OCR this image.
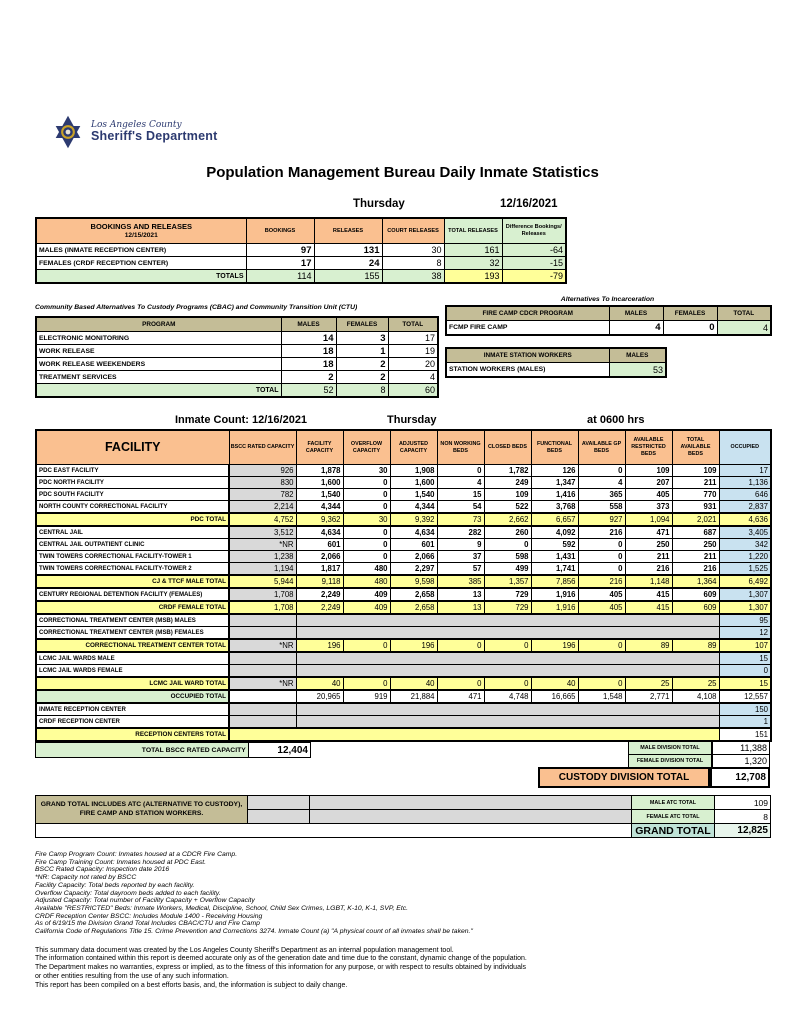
Los Angeles County
Sheriff's Department
Population Management Bureau Daily Inmate Statistics
Thursday	12/16/2021
BOOKINGS AND RELEASES
12/15/2021	BOOKINGS	RELEASES	COURT RELEASES	TOTAL RELEASES	Difference Bookings/ Releases
MALES (INMATE RECEPTION CENTER)	97	131	30	161	-64
FEMALES (CRDF RECEPTION CENTER)	17	24	8	32	-15
TOTALS	114	155	38	193	-79
Community Based Alternatives To Custody Programs (CBAC) and Community Transition Unit (CTU)
PROGRAM	MALES	FEMALES	TOTAL
ELECTRONIC MONITORING	14	3	17
WORK RELEASE	18	1	19
WORK RELEASE WEEKENDERS	18	2	20
TREATMENT SERVICES	2	2	4
TOTAL	52	8	60
Alternatives To Incarceration
FIRE CAMP CDCR PROGRAM	MALES	FEMALES	TOTAL
FCMP FIRE CAMP	4	0	4
INMATE STATION WORKERS	MALES
STATION WORKERS (MALES)	53
Inmate Count: 12/16/2021	Thursday	at 0600 hrs
FACILITY	BSCC RATED CAPACITY	FACILITY CAPACITY	OVERFLOW CAPACITY	ADJUSTED CAPACITY	NON WORKING BEDS	CLOSED BEDS	FUNCTIONAL BEDS	AVAILABLE GP BEDS	AVAILABLE RESTRICTED BEDS	TOTAL AVAILABLE BEDS	OCCUPIED
PDC EAST FACILITY	926	1,878	30	1,908	0	1,782	126	0	109	109	17
PDC NORTH FACILITY	830	1,600	0	1,600	4	249	1,347	4	207	211	1,136
PDC SOUTH FACILITY	782	1,540	0	1,540	15	109	1,416	365	405	770	646
NORTH COUNTY CORRECTIONAL FACILITY	2,214	4,344	0	4,344	54	522	3,768	558	373	931	2,837
PDC TOTAL	4,752	9,362	30	9,392	73	2,662	6,657	927	1,094	2,021	4,636
CENTRAL JAIL	3,512	4,634	0	4,634	282	260	4,092	216	471	687	3,405
CENTRAL JAIL OUTPATIENT CLINIC	*NR	601	0	601	9	0	592	0	250	250	342
TWIN TOWERS CORRECTIONAL FACILITY-TOWER 1	1,238	2,066	0	2,066	37	598	1,431	0	211	211	1,220
TWIN TOWERS CORRECTIONAL FACILITY-TOWER 2	1,194	1,817	480	2,297	57	499	1,741	0	216	216	1,525
CJ & TTCF MALE TOTAL	5,944	9,118	480	9,598	385	1,357	7,856	216	1,148	1,364	6,492
CENTURY REGIONAL DETENTION FACILITY (FEMALES)	1,708	2,249	409	2,658	13	729	1,916	405	415	609	1,307
CRDF FEMALE TOTAL	1,708	2,249	409	2,658	13	729	1,916	405	415	609	1,307
CORRECTIONAL TREATMENT CENTER (MSB) MALES											95
CORRECTIONAL TREATMENT CENTER (MSB) FEMALES											12
CORRECTIONAL TREATMENT CENTER TOTAL	*NR	196	0	196	0	0	196	0	89	89	107
LCMC JAIL WARDS MALE											15
LCMC JAIL WARDS FEMALE											0
LCMC JAIL WARD TOTAL	*NR	40	0	40	0	0	40	0	25	25	15
OCCUPIED TOTAL		20,965	919	21,884	471	4,748	16,665	1,548	2,771	4,108	12,557
INMATE RECEPTION CENTER											150
CRDF RECEPTION CENTER											1
RECEPTION CENTERS TOTAL											151
TOTAL BSCC RATED CAPACITY	12,404	MALE DIVISION TOTAL	11,388
FEMALE DIVISION TOTAL	1,320
CUSTODY DIVISION TOTAL	12,708
GRAND TOTAL INCLUDES ATC (ALTERNATIVE TO CUSTODY), FIRE CAMP AND STATION WORKERS.			MALE ATC TOTAL	109
			FEMALE ATC TOTAL	8
			GRAND TOTAL	12,825
Fire Camp Program Count: Inmates housed at a CDCR Fire Camp.
Fire Camp Training Count: Inmates housed at PDC East.
BSCC Rated Capacity: Inspection date 2016
*NR: Capacity not rated by BSCC
Facility Capacity: Total beds reported by each facility.
Overflow Capacity: Total dayroom beds added to each facility.
Adjusted Capacity: Total number of Facility Capacity + Overflow Capacity
Available "RESTRICTED" Beds: Inmate Workers, Medical, Discipline, School, Child Sex Crimes, LGBT, K-10, K-1, SVP, Etc.
CRDF Reception Center BSCC: Includes Module 1400 - Receiving Housing
As of 6/19/15 the Division Grand Total Includes CBAC/CTU and Fire Camp
California Code of Regulations Title 15. Crime Prevention and Corrections 3274. Inmate Count (a) "A physical count of all inmates shall be taken."
This summary data document was created by the Los Angeles County Sheriff's Department as an internal population management tool.
The information contained within this report is deemed accurate only as of the generation date and time due to the constant, dynamic change of the population.
The Department makes no warranties, express or implied, as to the fitness of this information for any purpose, or with respect to results obtained by individuals
or other entities resulting from the use of any such information.
This report has been compiled on a best efforts basis, and, the information is subject to daily change.
